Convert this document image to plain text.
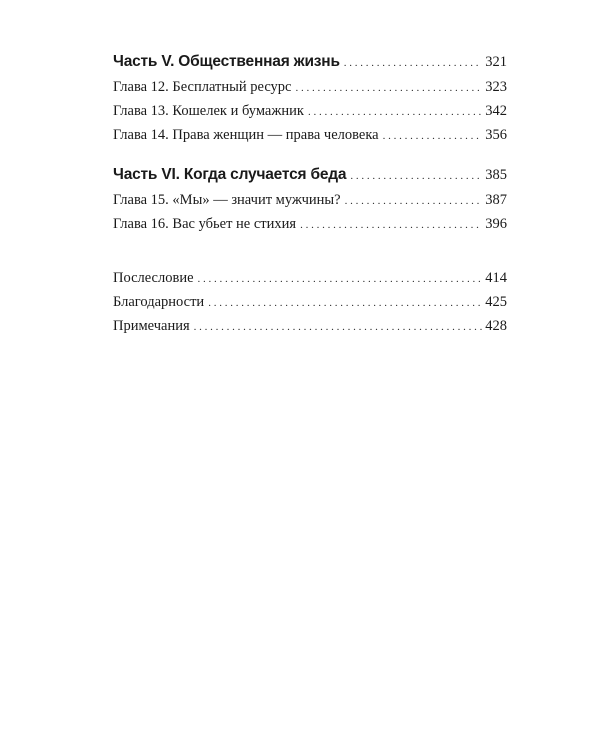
Часть V. Общественная жизнь . . .	321
Глава 12. Бесплатный ресурс . . .	323
Глава 13. Кошелек и бумажник . . .	342
Глава 14. Права женщин — права человека . . .	356
Часть VI. Когда случается беда . . .	385
Глава 15. «Мы» — значит мужчины? . . .	387
Глава 16. Вас убьет не стихия . . .	396
Послесловие . . .	414
Благодарности . . .	425
Примечания . . .	428
